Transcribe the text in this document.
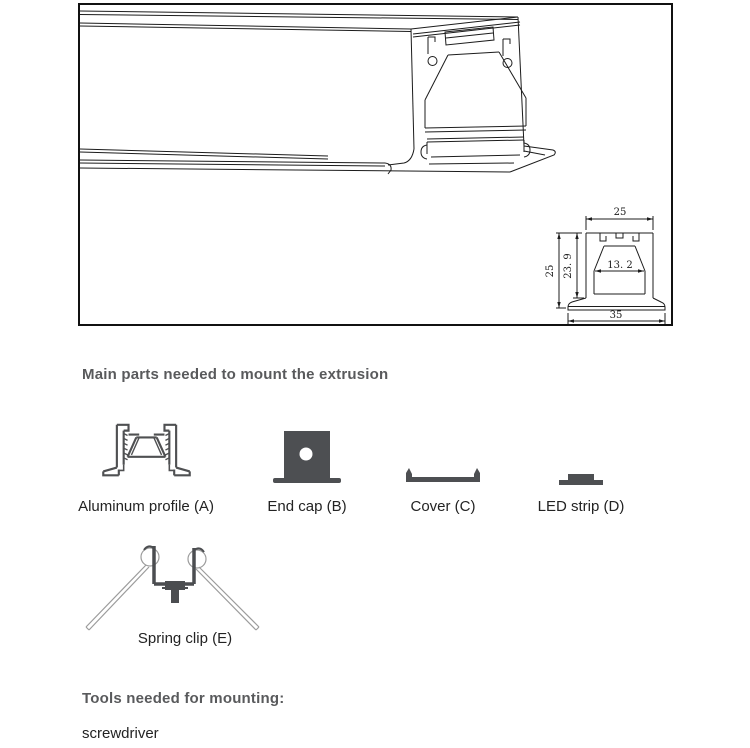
25
25 23. 9	13. 2
35
Main parts needed to mount the extrusion
Aluminum profile (A)	End cap (B)	Cover (C)	LED strip (D)
Spring clip (E)
Tools needed for mounting:
screwdriver
